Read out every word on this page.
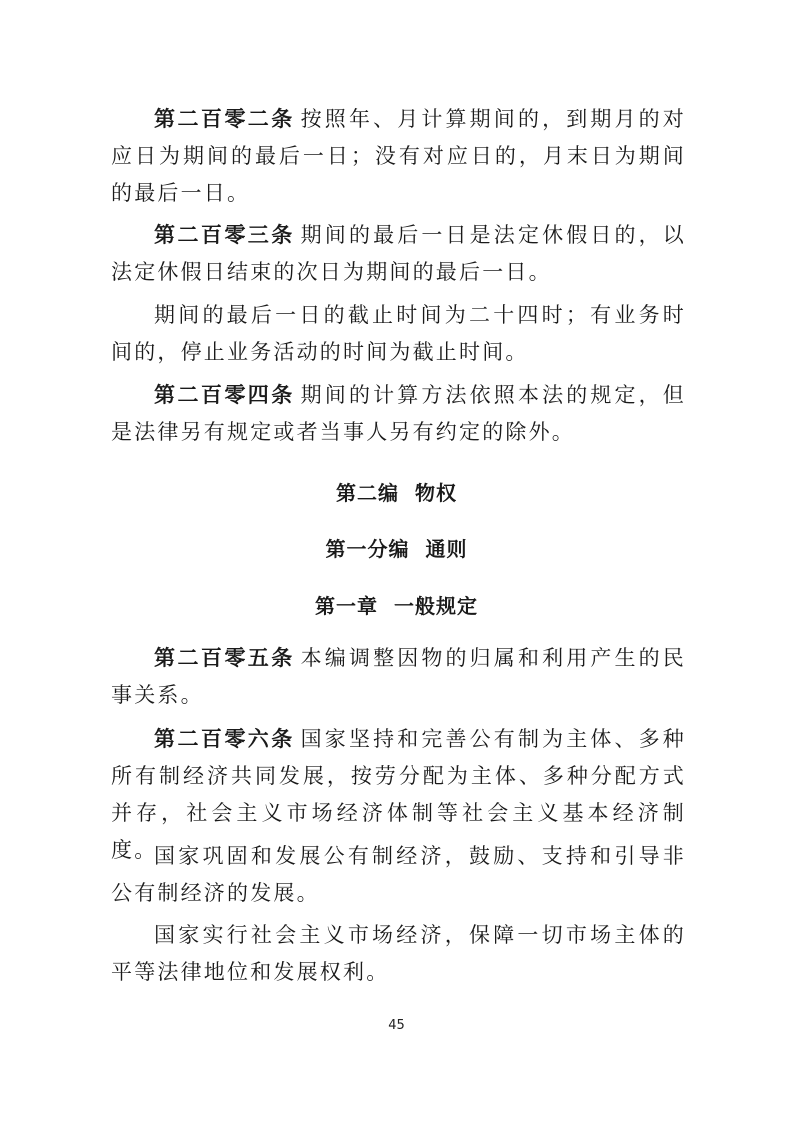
第二百零二条 按照年、月计算期间的，到期月的对应日为期间的最后一日；没有对应日的，月末日为期间的最后一日。

第二百零三条 期间的最后一日是法定休假日的，以法定休假日结束的次日为期间的最后一日。

期间的最后一日的截止时间为二十四时；有业务时间的，停止业务活动的时间为截止时间。

第二百零四条 期间的计算方法依照本法的规定，但是法律另有规定或者当事人另有约定的除外。

第二编  物权
第一分编  通则
第一章  一般规定

第二百零五条 本编调整因物的归属和利用产生的民事关系。

第二百零六条 国家坚持和完善公有制为主体、多种所有制经济共同发展，按劳分配为主体、多种分配方式并存，社会主义市场经济体制等社会主义基本经济制度。

国家巩固和发展公有制经济，鼓励、支持和引导非公有制经济的发展。

国家实行社会主义市场经济，保障一切市场主体的平等法律地位和发展权利。

45
